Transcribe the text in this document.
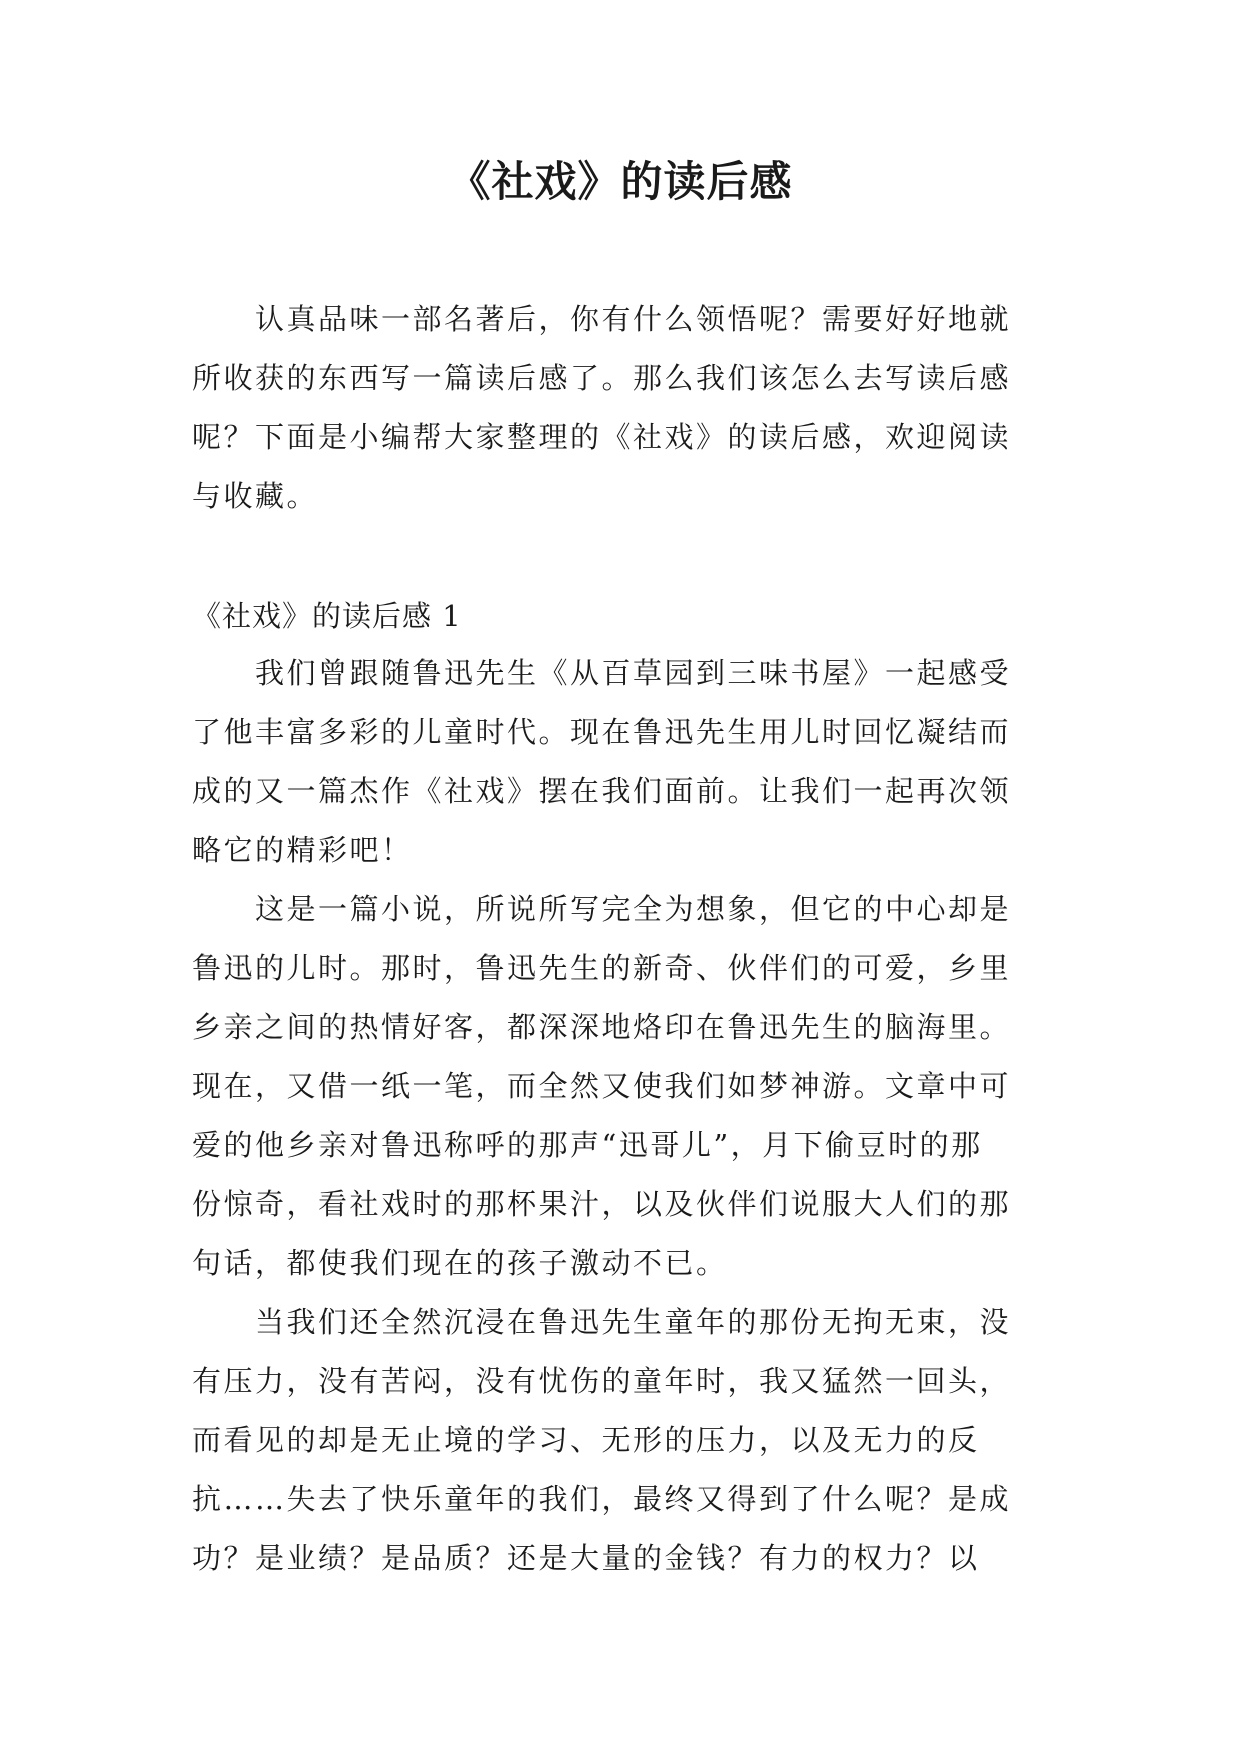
《社戏》的读后感
　　认真品味一部名著后，你有什么领悟呢？需要好好地就
所收获的东西写一篇读后感了。那么我们该怎么去写读后感
呢？下面是小编帮大家整理的《社戏》的读后感，欢迎阅读
与收藏。
《社戏》的读后感 1
　　我们曾跟随鲁迅先生《从百草园到三味书屋》一起感受
了他丰富多彩的儿童时代。现在鲁迅先生用儿时回忆凝结而
成的又一篇杰作《社戏》摆在我们面前。让我们一起再次领
略它的精彩吧！
　　这是一篇小说，所说所写完全为想象，但它的中心却是
鲁迅的儿时。那时，鲁迅先生的新奇、伙伴们的可爱，乡里
乡亲之间的热情好客，都深深地烙印在鲁迅先生的脑海里。
现在，又借一纸一笔，而全然又使我们如梦神游。文章中可
爱的他乡亲对鲁迅称呼的那声“迅哥儿”，月下偷豆时的那
份惊奇，看社戏时的那杯果汁，以及伙伴们说服大人们的那
句话，都使我们现在的孩子激动不已。
　　当我们还全然沉浸在鲁迅先生童年的那份无拘无束，没
有压力，没有苦闷，没有忧伤的童年时，我又猛然一回头，
而看见的却是无止境的学习、无形的压力，以及无力的反
抗……失去了快乐童年的我们，最终又得到了什么呢？是成
功？是业绩？是品质？还是大量的金钱？有力的权力？以
